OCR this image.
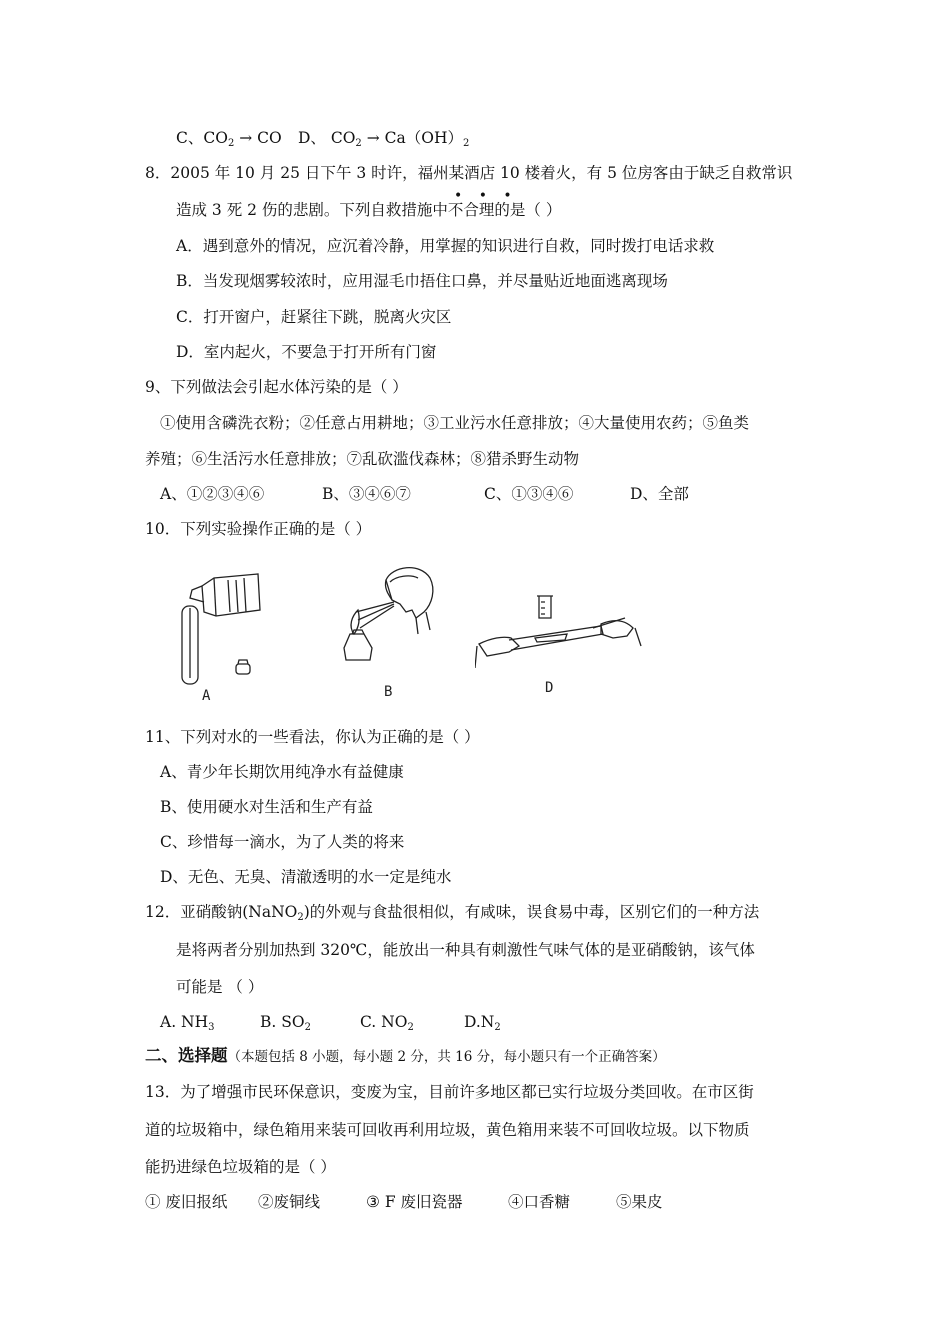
C、$CO_2$ → CO D、 $CO_2 \to Ca(OH)_2$
8．2005 年 10 月 25 日下午 3 时许，福州某酒店 10 楼着火，有 5 位房客由于缺乏自救常识
• • •
造成 3 死 2 伤的悲剧。下列自救措施中不合理的是（ ）
A．遇到意外的情况，应沉着冷静，用掌握的知识进行自救，同时拨打电话求救
B．当发现烟雾较浓时，应用湿毛巾捂住口鼻，并尽量贴近地面逃离现场
C．打开窗户，赶紧往下跳，脱离火灾区
D．室内起火，不要急于打开所有门窗
9、下列做法会引起水体污染的是（ ）
①使用含磷洗衣粉；②任意占用耕地；③工业污水任意排放；④大量使用农药；⑤鱼类
养殖；⑥生活污水任意排放；⑦乱砍滥伐森林；⑧猎杀野生动物
A、①②③④⑥	B、③④⑥⑦	C、①③④⑥	D、全部
10．下列实验操作正确的是（ ）
A	B	D
11、下列对水的一些看法，你认为正确的是（ ）
A、青少年长期饮用纯净水有益健康
B、使用硬水对生活和生产有益
C、珍惜每一滴水，为了人类的将来
D、无色、无臭、清澈透明的水一定是纯水
12．亚硝酸钠(NaNO$_2$)的外观与食盐很相似，有咸味，误食易中毒，区别它们的一种方法
是将两者分别加热到 320℃，能放出一种具有刺激性气味气体的是亚硝酸钠，该气体
可能是 （ ）
A. $NH_3$	B. $SO_2$	C. $NO_2$	$D.N_2$
二、选择题（本题包括 8 小题，每小题 2 分，共 16 分，每小题只有一个正确答案）
13．为了增强市民环保意识，变废为宝，目前许多地区都已实行垃圾分类回收。在市区街
道的垃圾箱中，绿色箱用来装可回收再利用垃圾，黄色箱用来装不可回收垃圾。以下物质
能扔进绿色垃圾箱的是（ ）
① 废旧报纸 ②废铜线	③ F 废旧瓷器	④口香糖	⑤果皮
